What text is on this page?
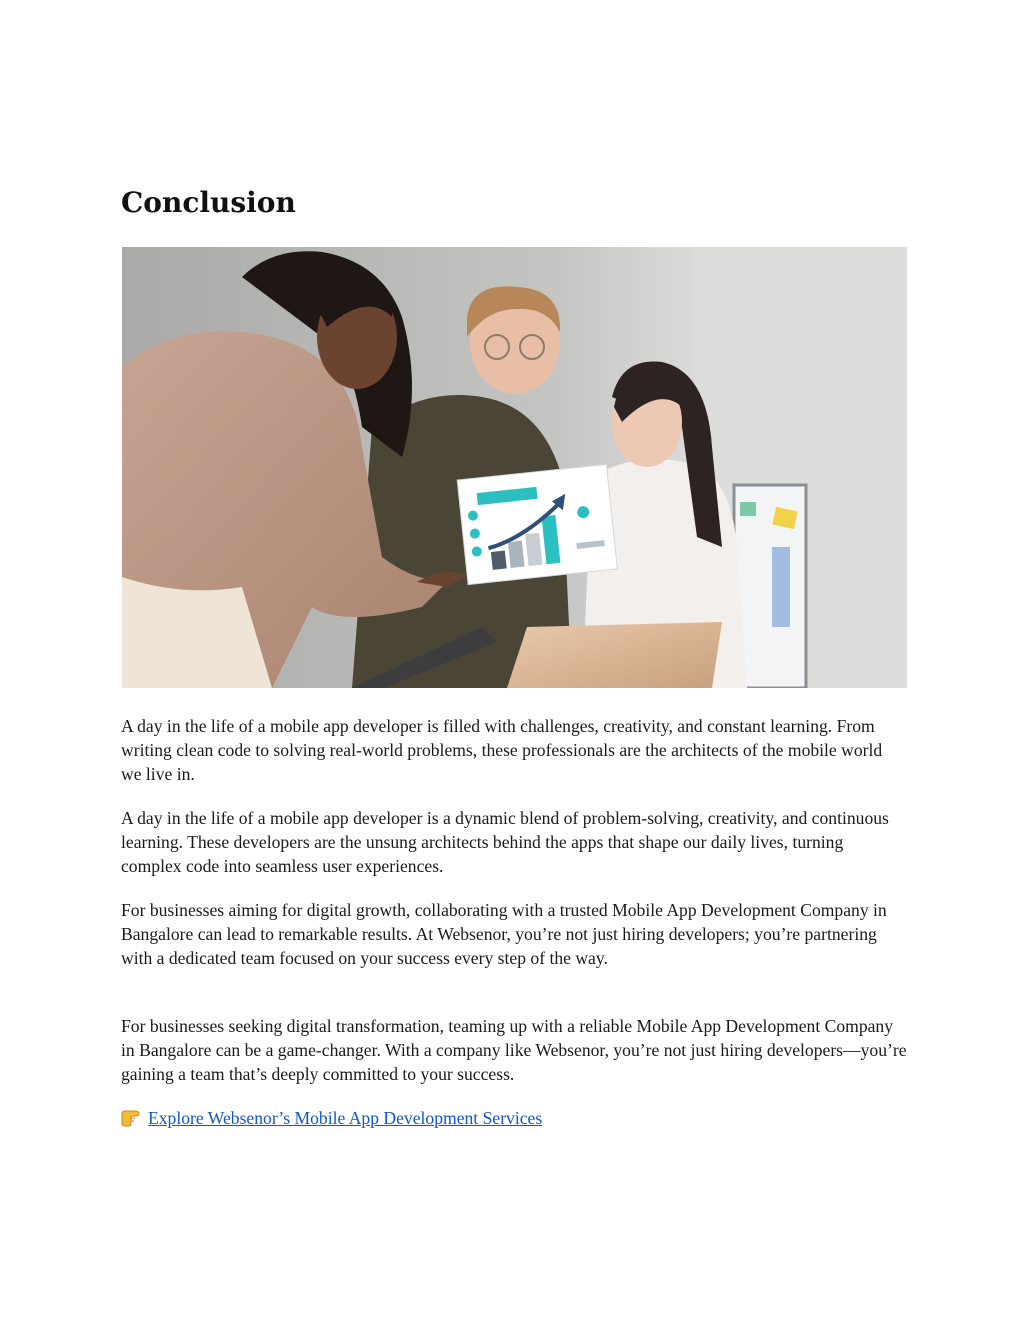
Conclusion

A day in the life of a mobile app developer is filled with challenges, creativity, and constant learning. From writing clean code to solving real-world problems, these professionals are the architects of the mobile world we live in.

A day in the life of a mobile app developer is a dynamic blend of problem-solving, creativity, and continuous learning. These developers are the unsung architects behind the apps that shape our daily lives, turning complex code into seamless user experiences.

For businesses aiming for digital growth, collaborating with a trusted Mobile App Development Company in Bangalore can lead to remarkable results. At Websenor, you’re not just hiring developers; you’re partnering with a dedicated team focused on your success every step of the way.

For businesses seeking digital transformation, teaming up with a reliable Mobile App Development Company in Bangalore can be a game-changer. With a company like Websenor, you’re not just hiring developers—you’re gaining a team that’s deeply committed to your success.

Explore Websenor’s Mobile App Development Services
